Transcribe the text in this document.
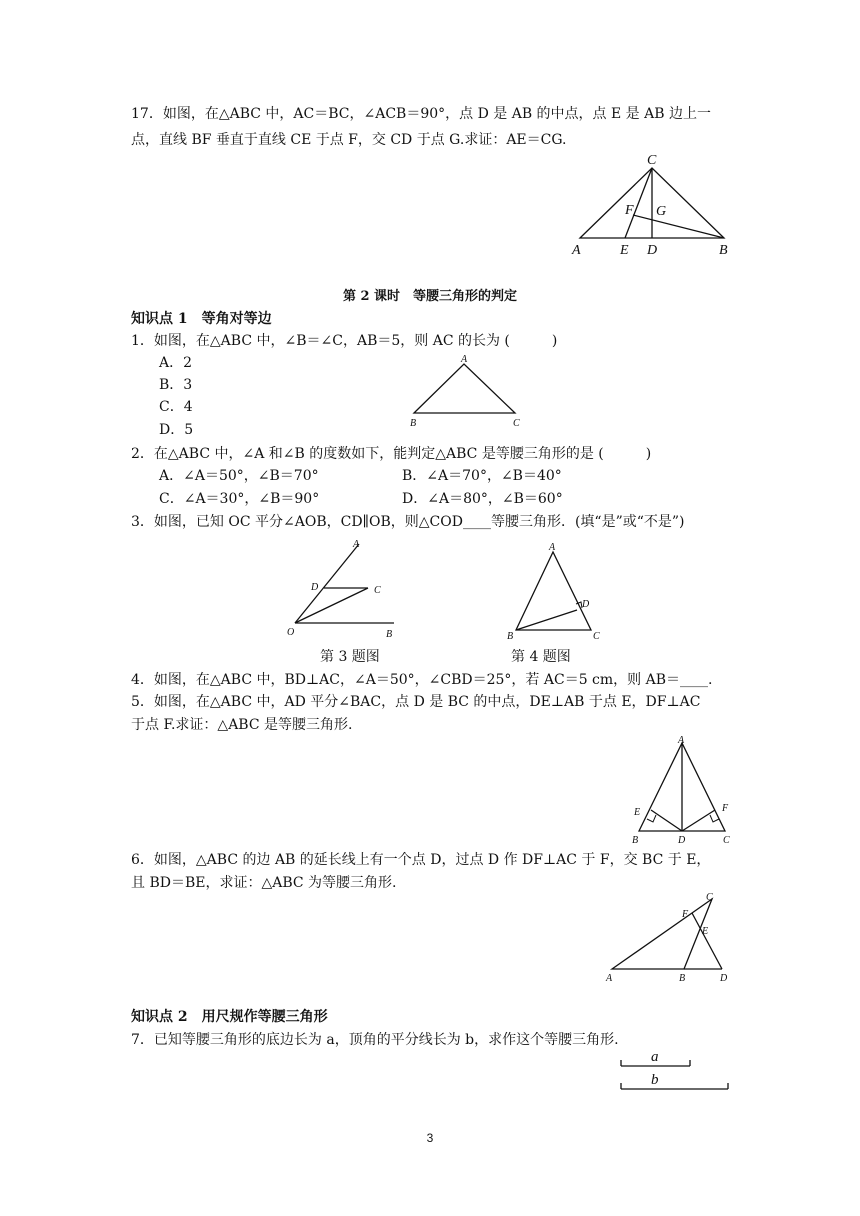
17．如图，在△ABC 中，AC＝BC，∠ACB＝90°，点 D 是 AB 的中点，点 E 是 AB 边上一
点，直线 BF 垂直于直线 CE 于点 F，交 CD 于点 G.求证：AE＝CG.
C
F G
A	E D	B
第 2 课时　等腰三角形的判定
知识点 1　等角对等边
1．如图，在△ABC 中，∠B＝∠C，AB＝5，则 AC 的长为 (　　　)
A．2
B．3
C．4
D．5
A
B	C
2．在△ABC 中，∠A 和∠B 的度数如下，能判定△ABC 是等腰三角形的是 (　　　)
A．∠A＝50°，∠B＝70°	B．∠A＝70°，∠B＝40°
C．∠A＝30°，∠B＝90°	D．∠A＝80°，∠B＝60°
3．如图，已知 OC 平分∠AOB，CD∥OB，则△COD____等腰三角形．(填“是”或“不是”)
A
D	C
O	B
A
D
B	C
第 3 题图	第 4 题图
4．如图，在△ABC 中，BD⊥AC，∠A＝50°，∠CBD＝25°，若 AC＝5 cm，则 AB＝____.
5．如图，在△ABC 中，AD 平分∠BAC，点 D 是 BC 的中点，DE⊥AB 于点 E，DF⊥AC
于点 F.求证：△ABC 是等腰三角形.
A
E	F
B	D	C
6．如图，△ABC 的边 AB 的延长线上有一个点 D，过点 D 作 DF⊥AC 于 F，交 BC 于 E，
且 BD＝BE，求证：△ABC 为等腰三角形.
C
F
E
A	B	D
知识点 2　用尺规作等腰三角形
7．已知等腰三角形的底边长为 a，顶角的平分线长为 b，求作这个等腰三角形.
a
b
3
